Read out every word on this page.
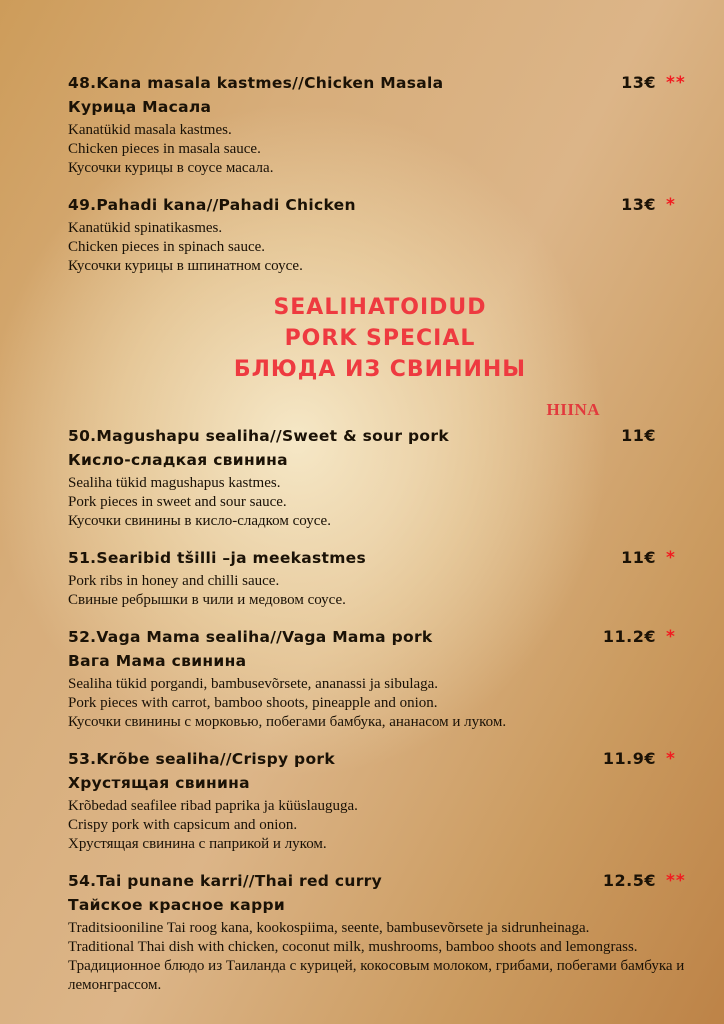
48.Kana masala kastmes//Chicken Masala	13€ **
Курица Масала
Kanatükid masala kastmes.
Chicken pieces in masala sauce.
Кусочки курицы в соусе масала.
49.Pahadi kana//Pahadi Chicken	13€ *
Kanatükid spinatikasmes.
Chicken pieces in spinach sauce.
Кусочки курицы в шпинатном соусе.
SEALIHATOIDUD
PORK SPECIAL
БЛЮДА ИЗ СВИНИНЫ
HIINA
50.Magushapu sealiha//Sweet & sour pork	11€
Кисло-сладкая свинина
Sealiha tükid magushapus kastmes.
Pork pieces in sweet and sour sauce.
Кусочки свинины в кисло-сладком соусе.
51.Searibid tšilli –ja meekastmes	11€ *
Pork ribs in honey and chilli sauce.
Свиные ребрышки в чили и медовом соусе.
52.Vaga Mama sealiha//Vaga Mama pork	11.2€ *
Вага Мама свинина
Sealiha tükid porgandi, bambusevõrsete, ananassi ja sibulaga.
Pork pieces with carrot, bamboo shoots, pineapple and onion.
Кусочки свинины с морковью, побегами бамбука, ананасом и луком.
53.Krõbe sealiha//Crispy pork	11.9€ *
Хрустящая свинина
Krõbedad seafilee ribad paprika ja küüslauguga.
Crispy pork with capsicum and onion.
Хрустящая свинина с паприкой и луком.
54.Tai punane karri//Thai red curry	12.5€ **
Тайское красное карри
Traditsiooniline Tai roog kana, kookospiima, seente, bambusevõrsete ja sidrunheinaga.
Traditional Thai dish with chicken, coconut milk, mushrooms, bamboo shoots and lemongrass.
Традиционное блюдо из Таиланда с курицей, кокосовым молоком, грибами, побегами бамбука и лемонграссом.
